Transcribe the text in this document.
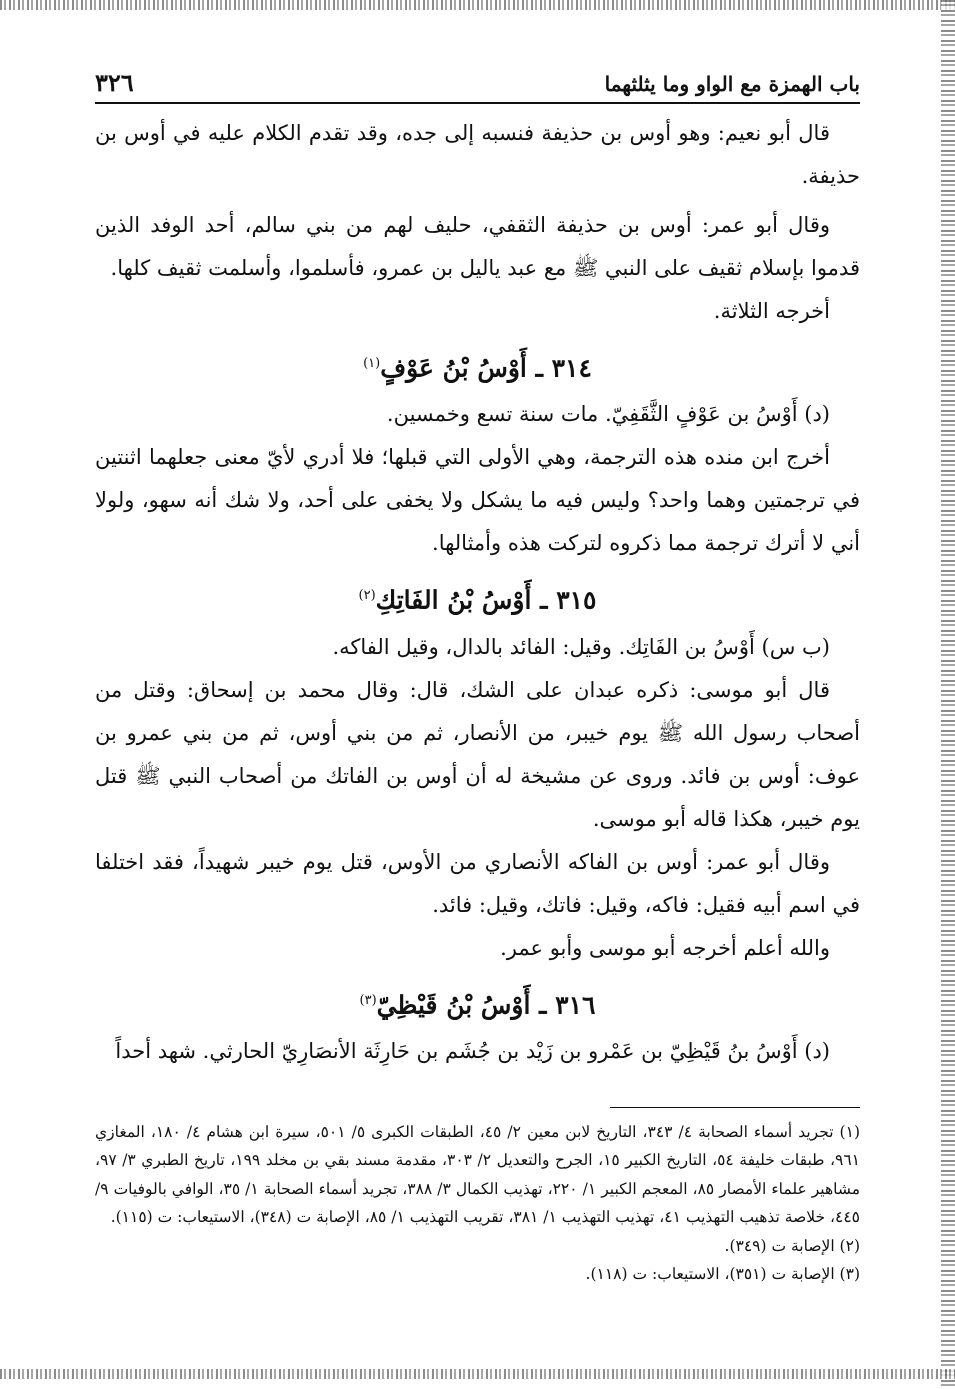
باب الهمزة مع الواو وما يثلثهما
٣٢٦

قال أبو نعيم: وهو أوس بن حذيفة فنسبه إلى جده، وقد تقدم الكلام عليه في أوس بن حذيفة.

وقال أبو عمر: أوس بن حذيفة الثقفي، حليف لهم من بني سالم، أحد الوفد الذين قدموا بإسلام ثقيف على النبي ﷺ مع عبد ياليل بن عمرو، فأسلموا، وأسلمت ثقيف كلها.

أخرجه الثلاثة.

٣١٤ ـ أَوْسُ بْنُ عَوْفٍ$^{(١)}$

(د) أَوْسُ بن عَوْفٍ الثَّقَفِيّ. مات سنة تسع وخمسين.

أخرج ابن منده هذه الترجمة، وهي الأولى التي قبلها؛ فلا أدري لأيّ معنى جعلهما اثنتين في ترجمتين وهما واحد؟ وليس فيه ما يشكل ولا يخفى على أحد، ولا شك أنه سهو، ولولا أني لا أترك ترجمة مما ذكروه لتركت هذه وأمثالها.

٣١٥ ـ أَوْسُ بْنُ الفَاتِكِ$^{(٢)}$

(ب س) أَوْسُ بن الفَاتِك. وقيل: الفائد بالدال، وقيل الفاكه.

قال أبو موسى: ذكره عبدان على الشك، قال: وقال محمد بن إسحاق: وقتل من أصحاب رسول الله ﷺ يوم خيبر، من الأنصار، ثم من بني أوس، ثم من بني عمرو بن عوف: أوس بن فائد. وروى عن مشيخة له أن أوس بن الفاتك من أصحاب النبي ﷺ قتل يوم خيبر، هكذا قاله أبو موسى.

وقال أبو عمر: أوس بن الفاكه الأنصاري من الأوس، قتل يوم خيبر شهيداً، فقد اختلفا في اسم أبيه فقيل: فاكه، وقيل: فاتك، وقيل: فائد.

والله أعلم أخرجه أبو موسى وأبو عمر.

٣١٦ ـ أَوْسُ بْنُ قَيْظِيّ$^{(٣)}$

(د) أَوْسُ بنُ قَيْظِيّ بن عَمْرو بن زَيْد بن جُشَم بن حَارِثَة الأنصَارِيّ الحارثي. شهد أحداً

(١) تجريد أسماء الصحابة ٤/ ٣٤٣، التاريخ لابن معين ٢/ ٤٥، الطبقات الكبرى ٥/ ٥٠١، سيرة ابن هشام ٤/ ١٨٠، المغازي ٩٦١، طبقات خليفة ٥٤، التاريخ الكبير ١٥، الجرح والتعديل ٢/ ٣٠٣، مقدمة مسند بقي بن مخلد ١٩٩، تاريخ الطبري ٣/ ٩٧، مشاهير علماء الأمصار ٨٥، المعجم الكبير ١/ ٢٢٠، تهذيب الكمال ٣/ ٣٨٨، تجريد أسماء الصحابة ١/ ٣٥، الوافي بالوفيات ٩/ ٤٤٥، خلاصة تذهيب التهذيب ٤١، تهذيب التهذيب ١/ ٣٨١، تقريب التهذيب ١/ ٨٥، الإصابة ت (٣٤٨)، الاستيعاب: ت (١١٥).

(٢) الإصابة ت (٣٤٩).

(٣) الإصابة ت (٣٥١)، الاستيعاب: ت (١١٨).
